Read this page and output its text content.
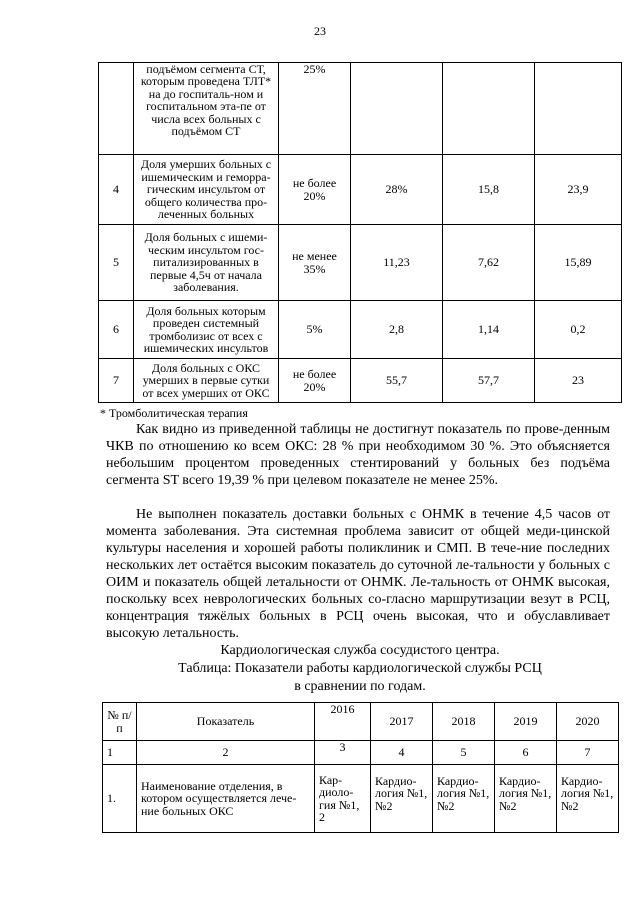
23
	подъёмом сегмента СТ, которым проведена ТЛТ* на до госпиталь-ном и госпитальном эта-пе от числа всех больных с подъёмом СТ	25%			
4	Доля умерших больных с ишемическим и геморра-гическим инсультом от общего количества про-леченных больных	не более 20%	28%	15,8	23,9
5	Доля больных с ишеми-ческим инсультом гос-питализированных в первые 4,5ч от начала заболевания.	не менее 35%	11,23	7,62	15,89
6	Доля больных которым проведен системный тромболизис от всех с ишемических инсультов	5%	2,8	1,14	0,2
7	Доля больных с ОКС умерших в первые сутки от всех умерших от ОКС	не более 20%	55,7	57,7	23
* Тромболитическая терапия

Как видно из приведенной таблицы не достигнут показатель по прове-денным ЧКВ по отношению ко всем ОКС: 28 % при необходимом 30 %. Это объясняется небольшим процентом проведенных стентирований у больных без подъёма сегмента ST всего 19,39 % при целевом показателе не менее 25%.

Не выполнен показатель доставки больных с ОНМК в течение 4,5 часов от момента заболевания. Эта системная проблема зависит от общей меди-цинской культуры населения и хорошей работы поликлиник и СМП. В тече-ние последних нескольких лет остаётся высоким показатель до суточной ле-тальности у больных с ОИМ и показатель общей летальности от ОНМК. Ле-тальность от ОНМК высокая, поскольку всех неврологических больных со-гласно маршрутизации везут в РСЦ, концентрация тяжёлых больных в РСЦ очень высокая, что и обуславливает высокую летальность.

Кардиологическая служба сосудистого центра.
Таблица: Показатели работы кардиологической службы РСЦ
в сравнении по годам.
№ п/п	Показатель	2016	2017	2018	2019	2020
1	2	3	4	5	6	7
1.	Наименование отделения, в котором осуществляется лече-ние больных ОКС	Кар-диоло-гия №1, 2	Кардио-логия №1, №2	Кардио-логия №1, №2	Кардио-логия №1, №2	Кардио-логия №1, №2
